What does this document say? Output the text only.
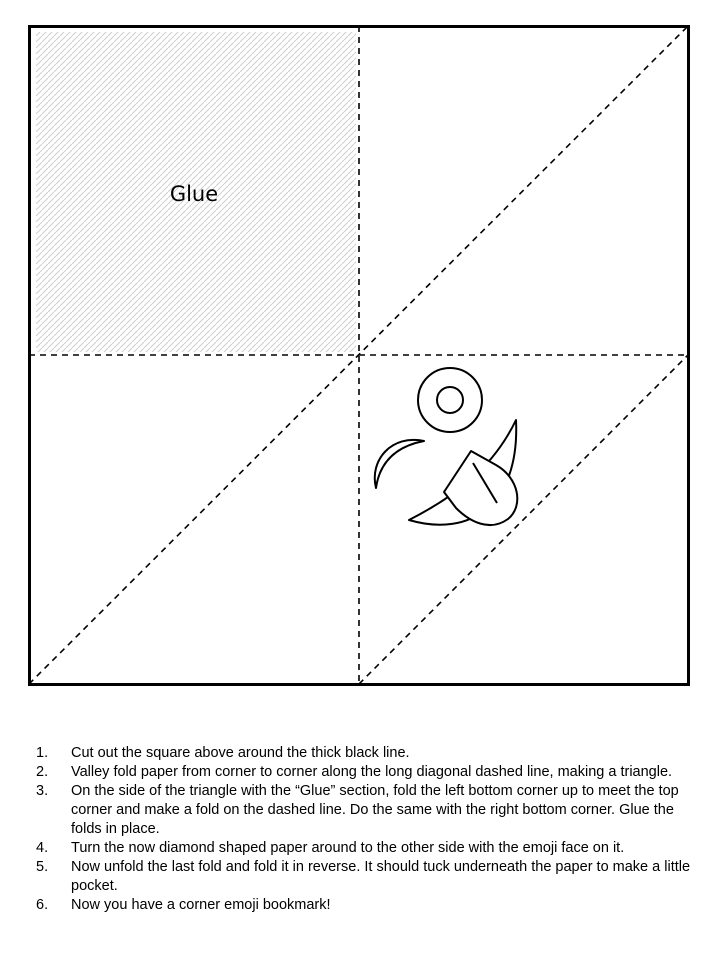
Glue
1.	Cut out the square above around the thick black line.
2.	Valley fold paper from corner to corner along the long diagonal dashed line, making a triangle.
3.	On the side of the triangle with the “Glue” section, fold the left bottom corner up to meet the top corner and make a fold on the dashed line. Do the same with the right bottom corner. Glue the folds in place.
4.	Turn the now diamond shaped paper around to the other side with the emoji face on it.
5.	Now unfold the last fold and fold it in reverse. It should tuck underneath the paper to make a little pocket.
6.	Now you have a corner emoji bookmark!
